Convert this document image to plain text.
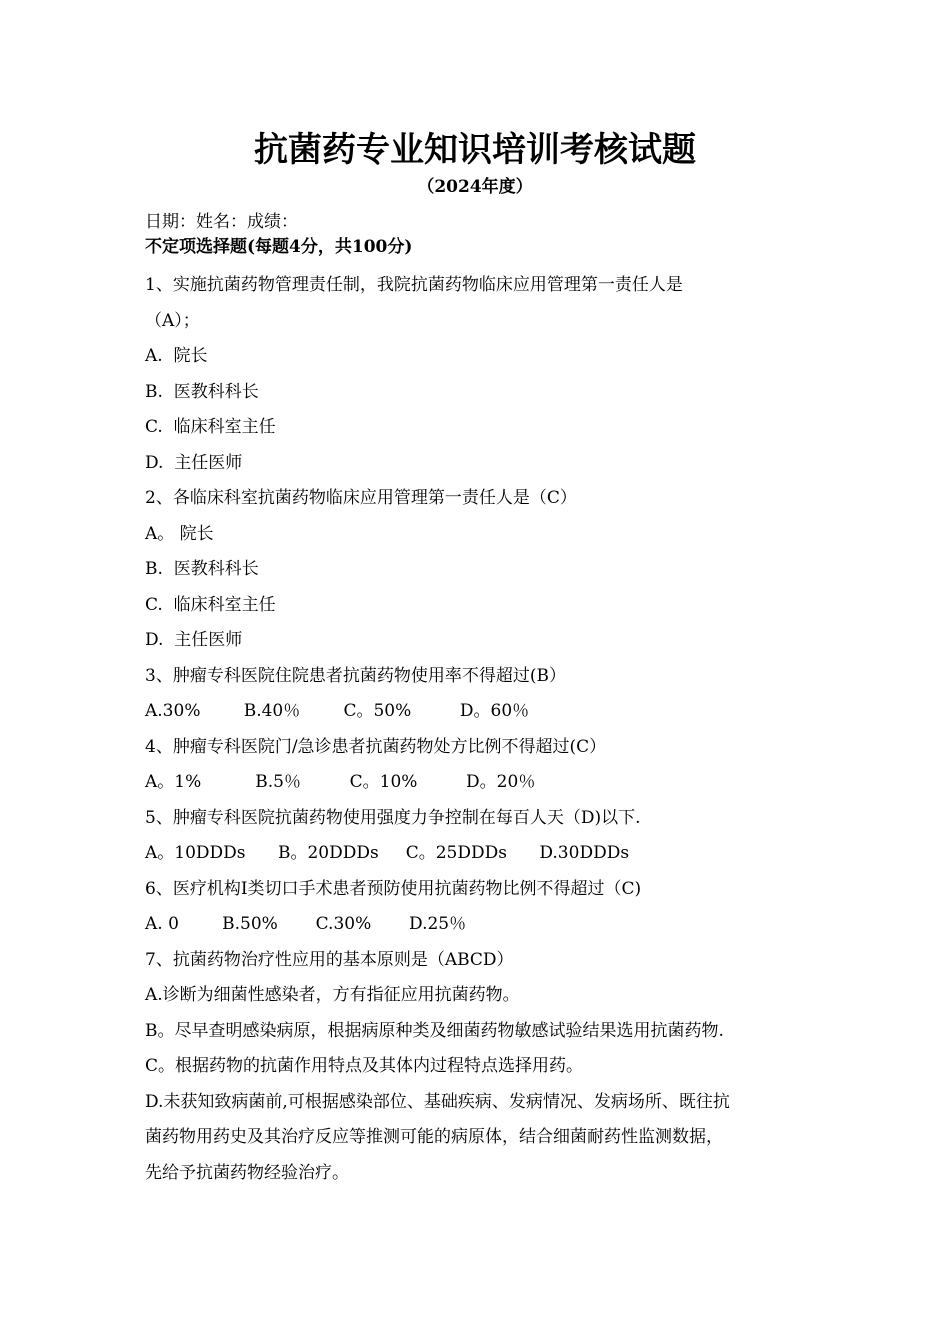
抗菌药专业知识培训考核试题
（2024年度）
日期：姓名：成绩：
不定项选择题(每题4分，共100分)
1、实施抗菌药物管理责任制，我院抗菌药物临床应用管理第一责任人是
（A）；
A.  院长
B.  医教科科长
C.  临床科室主任
D.  主任医师
2、各临床科室抗菌药物临床应用管理第一责任人是（C）
A。 院长
B.  医教科科长
C.  临床科室主任
D.  主任医师
3、肿瘤专科医院住院患者抗菌药物使用率不得超过(B）
A.30%        B.40％        C。50%         D。60％
4、肿瘤专科医院门/急诊患者抗菌药物处方比例不得超过(C）
A。1%          B.5％         C。10%         D。20％
5、肿瘤专科医院抗菌药物使用强度力争控制在每百人天（D)以下.
A。10DDDs      B。20DDDs     C。25DDDs      D.30DDDs
6、医疗机构I类切口手术患者预防使用抗菌药物比例不得超过（C)
A. 0        B.50%       C.30%       D.25％
7、抗菌药物治疗性应用的基本原则是（ABCD）
A.诊断为细菌性感染者，方有指征应用抗菌药物。
B。尽早查明感染病原，根据病原种类及细菌药物敏感试验结果选用抗菌药物.
C。根据药物的抗菌作用特点及其体内过程特点选择用药。
D.未获知致病菌前,可根据感染部位、基础疾病、发病情况、发病场所、既往抗
菌药物用药史及其治疗反应等推测可能的病原体，结合细菌耐药性监测数据，
先给予抗菌药物经验治疗。
